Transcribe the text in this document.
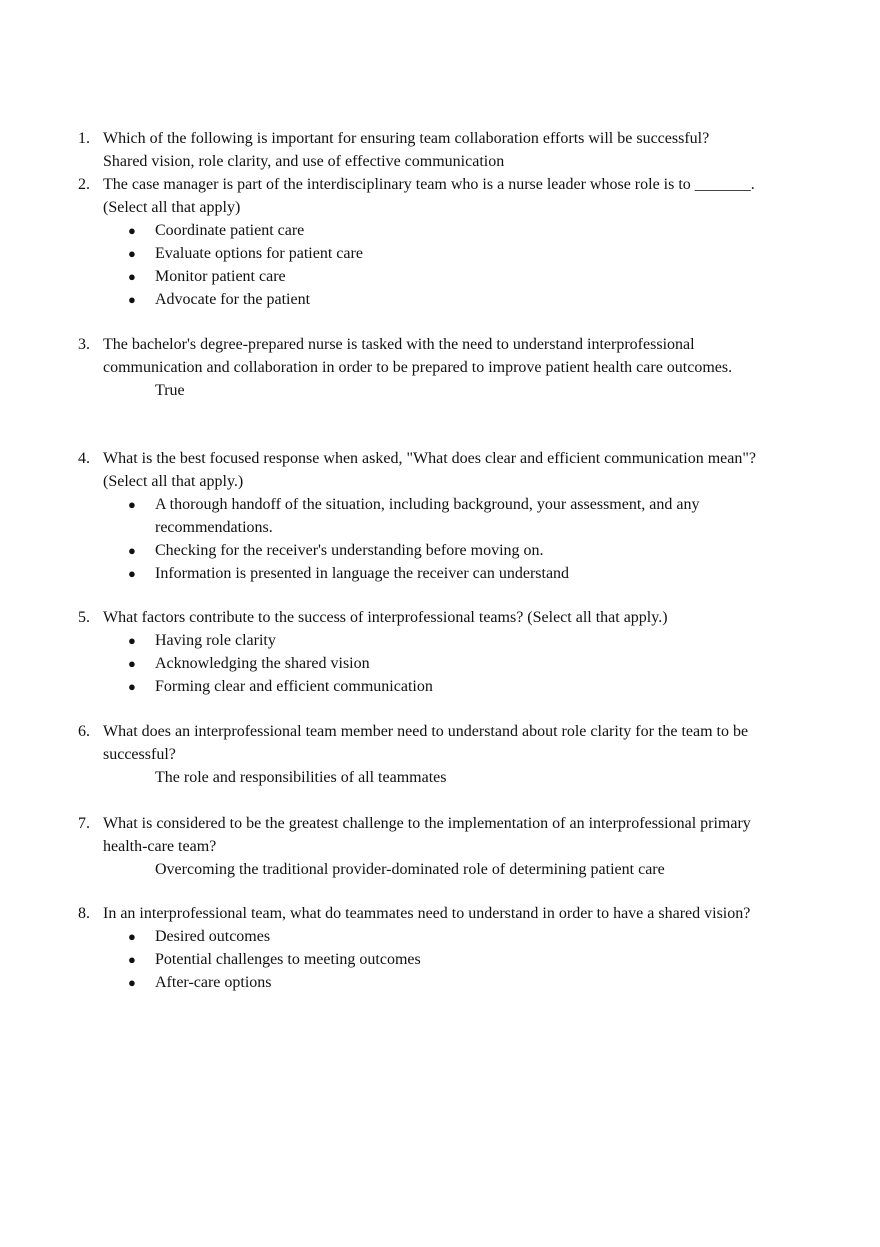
1. Which of the following is important for ensuring team collaboration efforts will be successful?
Shared vision, role clarity, and use of effective communication
2. The case manager is part of the interdisciplinary team who is a nurse leader whose role is to _______. (Select all that apply)
●	Coordinate patient care
●	Evaluate options for patient care
●	Monitor patient care
●	Advocate for the patient
3. The bachelor's degree-prepared nurse is tasked with the need to understand interprofessional communication and collaboration in order to be prepared to improve patient health care outcomes.
True
4. What is the best focused response when asked, "What does clear and efficient communication mean"? (Select all that apply.)
●	A thorough handoff of the situation, including background, your assessment, and any recommendations.
●	Checking for the receiver's understanding before moving on.
●	Information is presented in language the receiver can understand
5. What factors contribute to the success of interprofessional teams? (Select all that apply.)
●	Having role clarity
●	Acknowledging the shared vision
●	Forming clear and efficient communication
6. What does an interprofessional team member need to understand about role clarity for the team to be successful?
The role and responsibilities of all teammates
7. What is considered to be the greatest challenge to the implementation of an interprofessional primary health-care team?
Overcoming the traditional provider-dominated role of determining patient care
8. In an interprofessional team, what do teammates need to understand in order to have a shared vision?
●	Desired outcomes
●	Potential challenges to meeting outcomes
●	After-care options
